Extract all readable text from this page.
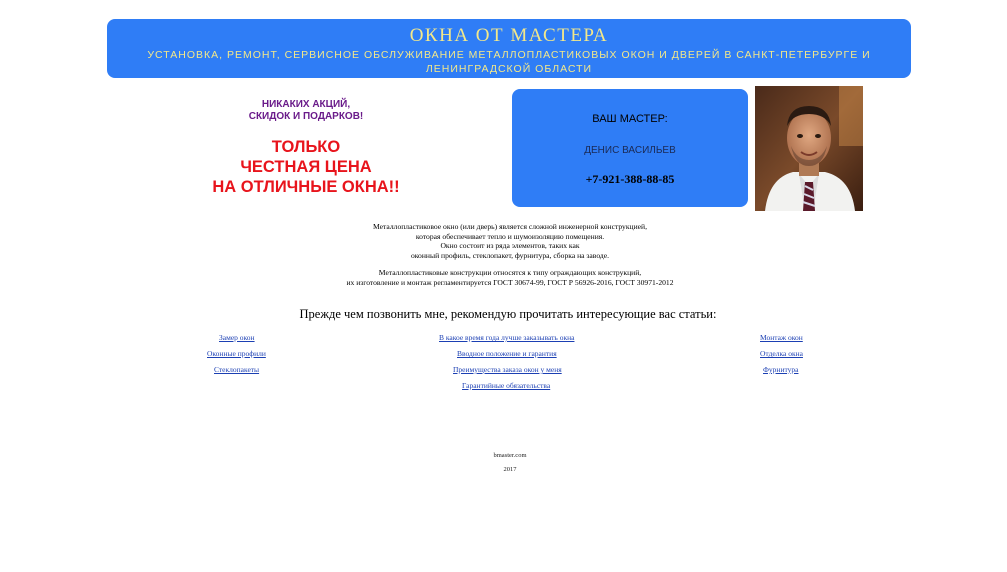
ОКНА ОТ МАСТЕРА
УСТАНОВКА, РЕМОНТ, СЕРВИСНОЕ ОБСЛУЖИВАНИЕ МЕТАЛЛОПЛАСТИКОВЫХ ОКОН И ДВЕРЕЙ В САНКТ-ПЕТЕРБУРГЕ И ЛЕНИНГРАДСКОЙ ОБЛАСТИ
НИКАКИХ АКЦИЙ,
СКИДОК И ПОДАРКОВ!
ТОЛЬКО
ЧЕСТНАЯ ЦЕНА
НА ОТЛИЧНЫЕ ОКНА!!
ВАШ МАСТЕР:
ДЕНИС ВАСИЛЬЕВ
+7-921-388-88-85

Металлопластиковое окно (или дверь) является сложной инженерной конструкцией,
которая обеспечивает тепло и шумоизоляцию помещения.
Окно состоит из ряда элементов, таких как
оконный профиль, стеклопакет, фурнитура, сборка на заводе.

Металлопластиковые конструкции относятся к типу ограждающих конструкций,
их изготовление и монтаж регламентируется ГОСТ 30674-99, ГОСТ Р 56926-2016, ГОСТ 30971-2012

Прежде чем позвонить мне, рекомендую прочитать интересующие вас статьи:
Замер окон	В какое время года лучше заказывать окна	Монтаж окон
Оконные профили	Вводное положение и гарантия	Отделка окна
Стеклопакеты	Преимущества заказа окон у меня	Фурнитура
Гарантийные обязательства
bmaster.com
2017
